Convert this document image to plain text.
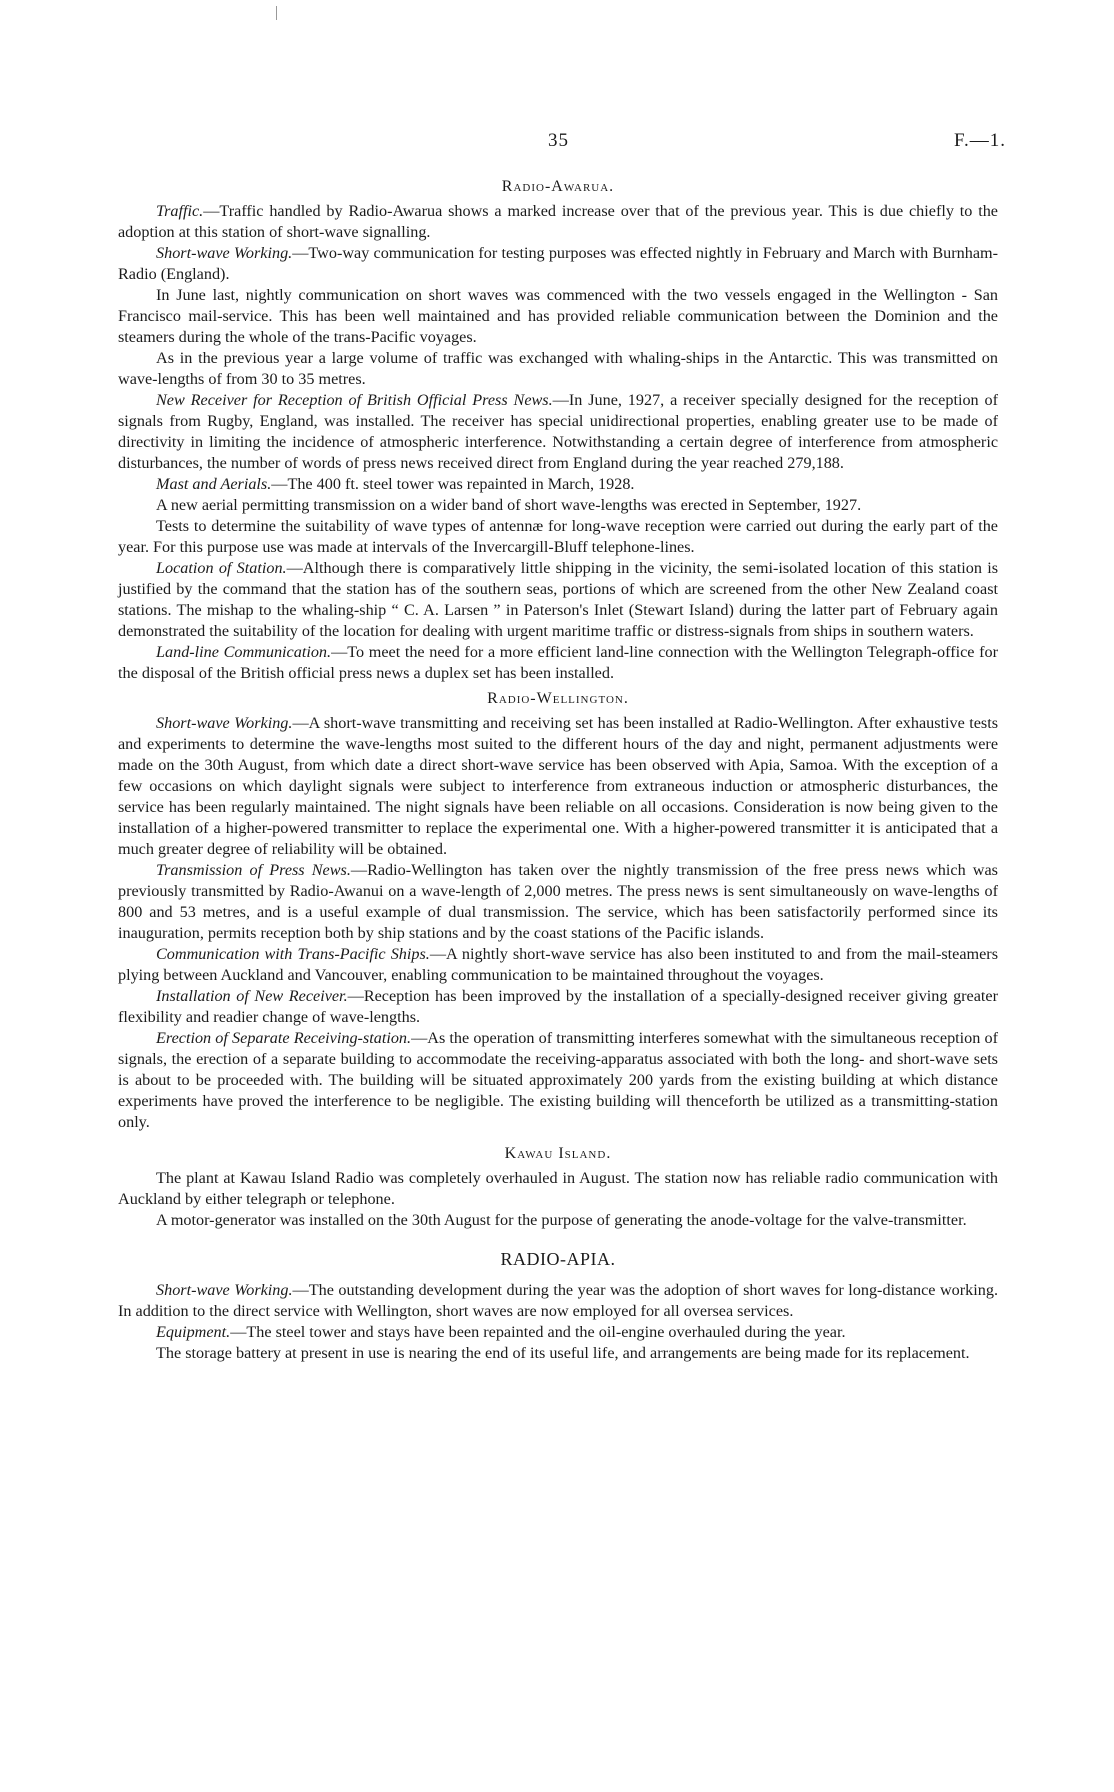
35	F.—1.
Radio-Awarua.

Traffic.—Traffic handled by Radio-Awarua shows a marked increase over that of the previous year. This is due chiefly to the adoption at this station of short-wave signalling.

Short-wave Working.—Two-way communication for testing purposes was effected nightly in February and March with Burnham-Radio (England).

In June last, nightly communication on short waves was commenced with the two vessels engaged in the Wellington - San Francisco mail-service. This has been well maintained and has provided reliable communication between the Dominion and the steamers during the whole of the trans-Pacific voyages.

As in the previous year a large volume of traffic was exchanged with whaling-ships in the Antarctic. This was transmitted on wave-lengths of from 30 to 35 metres.

New Receiver for Reception of British Official Press News.—In June, 1927, a receiver specially designed for the reception of signals from Rugby, England, was installed. The receiver has special unidirectional properties, enabling greater use to be made of directivity in limiting the incidence of atmospheric interference. Notwithstanding a certain degree of interference from atmospheric disturbances, the number of words of press news received direct from England during the year reached 279,188.

Mast and Aerials.—The 400 ft. steel tower was repainted in March, 1928.

A new aerial permitting transmission on a wider band of short wave-lengths was erected in September, 1927.

Tests to determine the suitability of wave types of antennæ for long-wave reception were carried out during the early part of the year. For this purpose use was made at intervals of the Invercargill-Bluff telephone-lines.

Location of Station.—Although there is comparatively little shipping in the vicinity, the semi-isolated location of this station is justified by the command that the station has of the southern seas, portions of which are screened from the other New Zealand coast stations. The mishap to the whaling-ship “ C. A. Larsen ” in Paterson's Inlet (Stewart Island) during the latter part of February again demonstrated the suitability of the location for dealing with urgent maritime traffic or distress-signals from ships in southern waters.

Land-line Communication.—To meet the need for a more efficient land-line connection with the Wellington Telegraph-office for the disposal of the British official press news a duplex set has been installed.

Radio-Wellington.

Short-wave Working.—A short-wave transmitting and receiving set has been installed at Radio-Wellington. After exhaustive tests and experiments to determine the wave-lengths most suited to the different hours of the day and night, permanent adjustments were made on the 30th August, from which date a direct short-wave service has been observed with Apia, Samoa. With the exception of a few occasions on which daylight signals were subject to interference from extraneous induction or atmospheric disturbances, the service has been regularly maintained. The night signals have been reliable on all occasions. Consideration is now being given to the installation of a higher-powered transmitter to replace the experimental one. With a higher-powered transmitter it is anticipated that a much greater degree of reliability will be obtained.

Transmission of Press News.—Radio-Wellington has taken over the nightly transmission of the free press news which was previously transmitted by Radio-Awanui on a wave-length of 2,000 metres. The press news is sent simultaneously on wave-lengths of 800 and 53 metres, and is a useful example of dual transmission. The service, which has been satisfactorily performed since its inauguration, permits reception both by ship stations and by the coast stations of the Pacific islands.

Communication with Trans-Pacific Ships.—A nightly short-wave service has also been instituted to and from the mail-steamers plying between Auckland and Vancouver, enabling communication to be maintained throughout the voyages.

Installation of New Receiver.—Reception has been improved by the installation of a specially-designed receiver giving greater flexibility and readier change of wave-lengths.

Erection of Separate Receiving-station.—As the operation of transmitting interferes somewhat with the simultaneous reception of signals, the erection of a separate building to accommodate the receiving-apparatus associated with both the long- and short-wave sets is about to be proceeded with. The building will be situated approximately 200 yards from the existing building at which distance experiments have proved the interference to be negligible. The existing building will thenceforth be utilized as a transmitting-station only.

Kawau Island.

The plant at Kawau Island Radio was completely overhauled in August. The station now has reliable radio communication with Auckland by either telegraph or telephone.

A motor-generator was installed on the 30th August for the purpose of generating the anode-voltage for the valve-transmitter.

RADIO-APIA.

Short-wave Working.—The outstanding development during the year was the adoption of short waves for long-distance working. In addition to the direct service with Wellington, short waves are now employed for all oversea services.

Equipment.—The steel tower and stays have been repainted and the oil-engine overhauled during the year.

The storage battery at present in use is nearing the end of its useful life, and arrangements are being made for its replacement.
